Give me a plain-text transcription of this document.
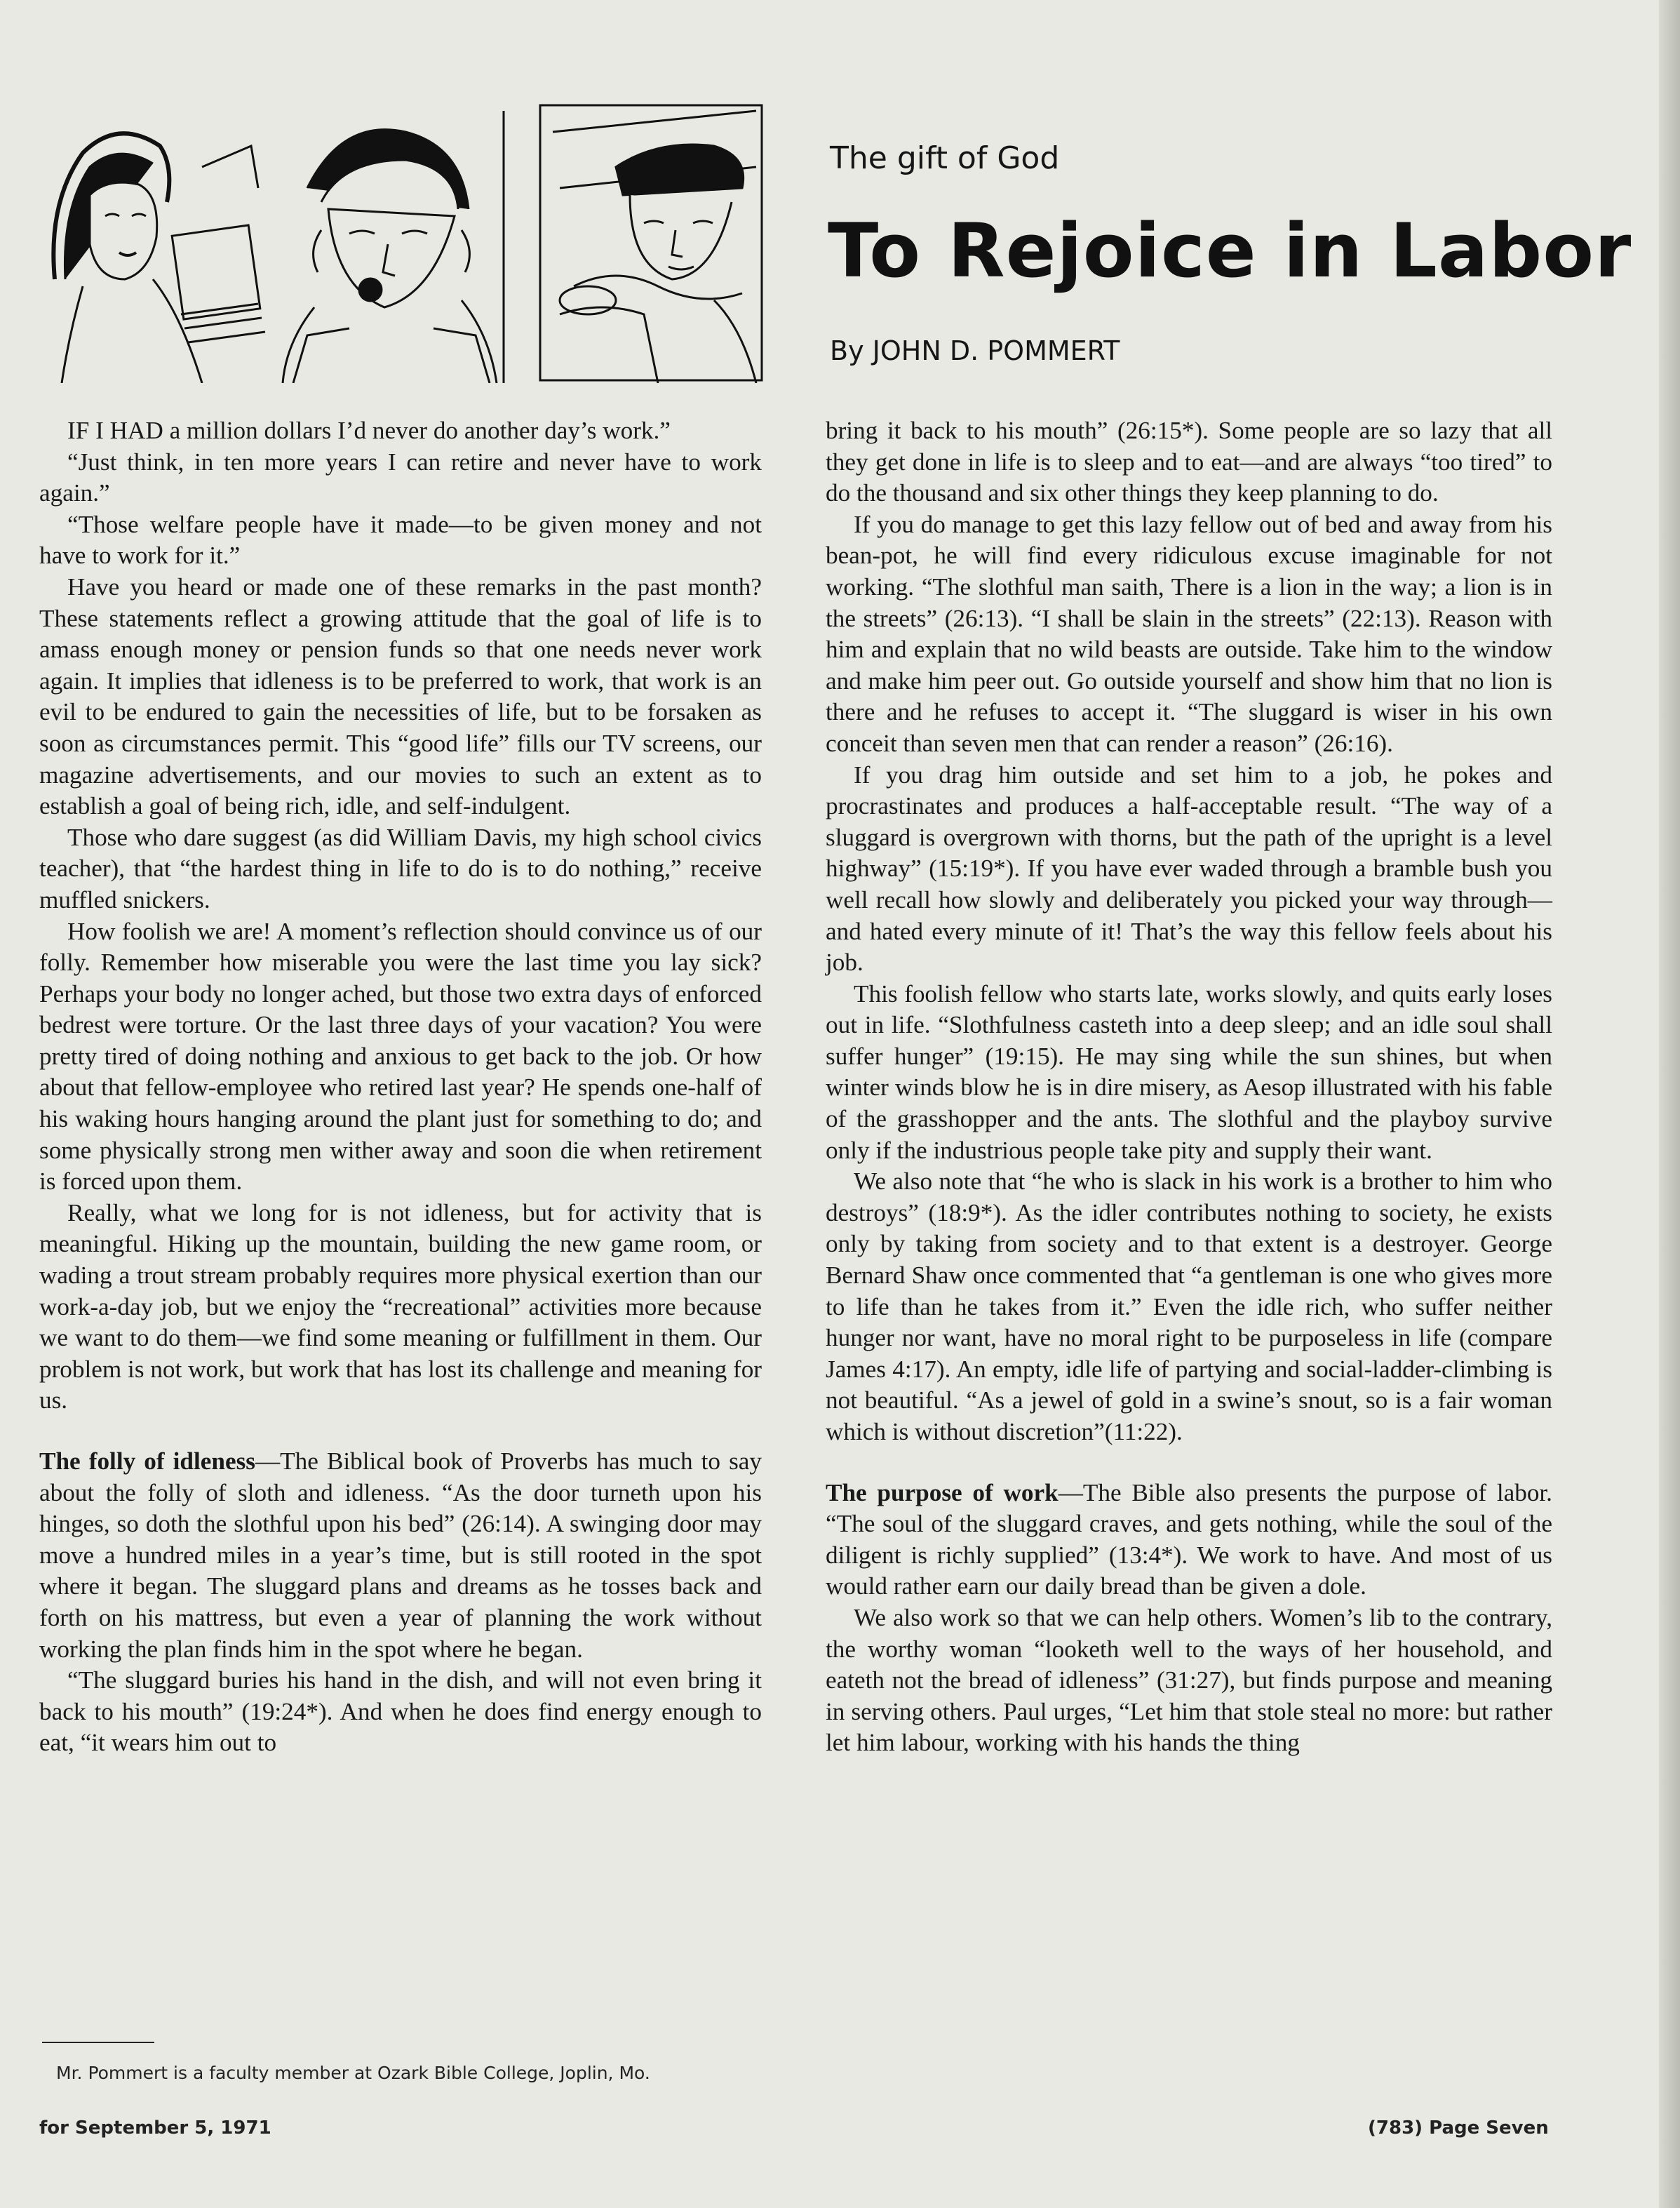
The gift of God
To Rejoice in Labor
By JOHN D. POMMERT

IF I HAD a million dollars I’d never do another day’s work.”

“Just think, in ten more years I can retire and never have to work again.”

“Those welfare people have it made—to be given money and not have to work for it.”

Have you heard or made one of these remarks in the past month? These statements reflect a growing attitude that the goal of life is to amass enough money or pension funds so that one needs never work again. It implies that idleness is to be preferred to work, that work is an evil to be endured to gain the necessities of life, but to be forsaken as soon as circumstances permit. This “good life” fills our TV screens, our magazine advertisements, and our movies to such an extent as to establish a goal of being rich, idle, and self-indulgent.

Those who dare suggest (as did William Davis, my high school civics teacher), that “the hardest thing in life to do is to do nothing,” receive muffled snickers.

How foolish we are! A moment’s reflection should convince us of our folly. Remember how miserable you were the last time you lay sick? Perhaps your body no longer ached, but those two extra days of enforced bedrest were torture. Or the last three days of your vacation? You were pretty tired of doing nothing and anxious to get back to the job. Or how about that fellow-employee who retired last year? He spends one-half of his waking hours hanging around the plant just for something to do; and some physically strong men wither away and soon die when retirement is forced upon them.

Really, what we long for is not idleness, but for activity that is meaningful. Hiking up the mountain, building the new game room, or wading a trout stream probably requires more physical exertion than our work-a-day job, but we enjoy the “recreational” activities more because we want to do them—we find some meaning or fulfillment in them. Our problem is not work, but work that has lost its challenge and meaning for us.

The folly of idleness—The Biblical book of Proverbs has much to say about the folly of sloth and idleness. “As the door turneth upon his hinges, so doth the slothful upon his bed” (26:14). A swinging door may move a hundred miles in a year’s time, but is still rooted in the spot where it began. The sluggard plans and dreams as he tosses back and forth on his mattress, but even a year of planning the work without working the plan finds him in the spot where he began.

“The sluggard buries his hand in the dish, and will not even bring it back to his mouth” (19:24*). And when he does find energy enough to eat, “it wears him out to

bring it back to his mouth” (26:15*). Some people are so lazy that all they get done in life is to sleep and to eat—and are always “too tired” to do the thousand and six other things they keep planning to do.

If you do manage to get this lazy fellow out of bed and away from his bean-pot, he will find every ridiculous excuse imaginable for not working. “The slothful man saith, There is a lion in the way; a lion is in the streets” (26:13). “I shall be slain in the streets” (22:13). Reason with him and explain that no wild beasts are outside. Take him to the window and make him peer out. Go outside yourself and show him that no lion is there and he refuses to accept it. “The sluggard is wiser in his own conceit than seven men that can render a reason” (26:16).

If you drag him outside and set him to a job, he pokes and procrastinates and produces a half-acceptable result. “The way of a sluggard is overgrown with thorns, but the path of the upright is a level highway” (15:19*). If you have ever waded through a bramble bush you well recall how slowly and deliberately you picked your way through—and hated every minute of it! That’s the way this fellow feels about his job.

This foolish fellow who starts late, works slowly, and quits early loses out in life. “Slothfulness casteth into a deep sleep; and an idle soul shall suffer hunger” (19:15). He may sing while the sun shines, but when winter winds blow he is in dire misery, as Aesop illustrated with his fable of the grasshopper and the ants. The slothful and the playboy survive only if the industrious people take pity and supply their want.

We also note that “he who is slack in his work is a brother to him who destroys” (18:9*). As the idler contributes nothing to society, he exists only by taking from society and to that extent is a destroyer. George Bernard Shaw once commented that “a gentleman is one who gives more to life than he takes from it.” Even the idle rich, who suffer neither hunger nor want, have no moral right to be purposeless in life (compare James 4:17). An empty, idle life of partying and social-ladder-climbing is not beautiful. “As a jewel of gold in a swine’s snout, so is a fair woman which is without discretion”(11:22).

The purpose of work—The Bible also presents the purpose of labor. “The soul of the sluggard craves, and gets nothing, while the soul of the diligent is richly supplied” (13:4*). We work to have. And most of us would rather earn our daily bread than be given a dole.

We also work so that we can help others. Women’s lib to the contrary, the worthy woman “looketh well to the ways of her household, and eateth not the bread of idleness” (31:27), but finds purpose and meaning in serving others. Paul urges, “Let him that stole steal no more: but rather let him labour, working with his hands the thing

Mr. Pommert is a faculty member at Ozark Bible College, Joplin, Mo.
for September 5, 1971	(783) Page Seven
